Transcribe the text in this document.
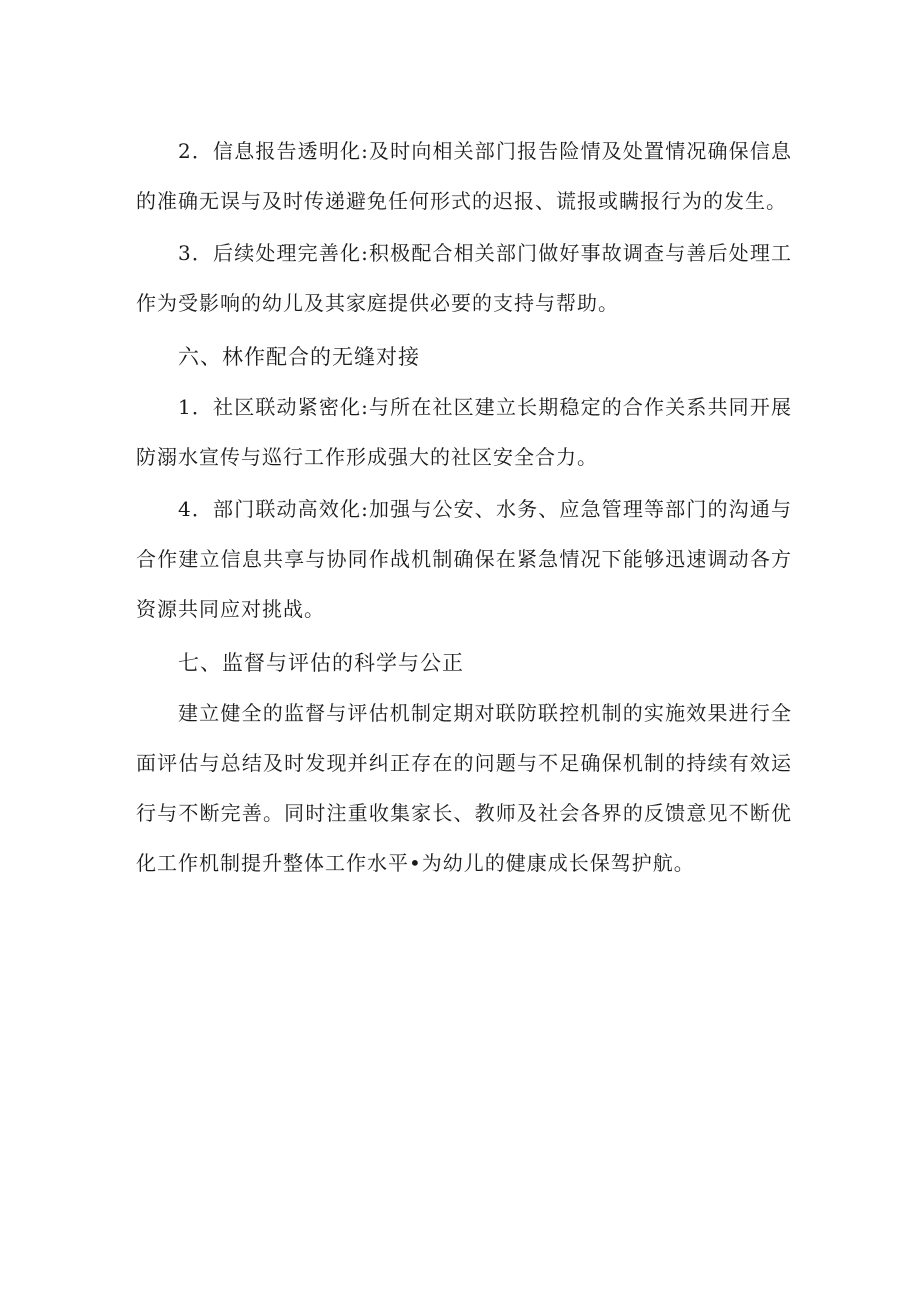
2．信息报告透明化:及时向相关部门报告险情及处置情况确保信息的准确无误与及时传递避免任何形式的迟报、谎报或瞒报行为的发生。

3．后续处理完善化:积极配合相关部门做好事故调查与善后处理工作为受影响的幼儿及其家庭提供必要的支持与帮助。

六、林作配合的无缝对接

1．社区联动紧密化:与所在社区建立长期稳定的合作关系共同开展防溺水宣传与巡行工作形成强大的社区安全合力。

4．部门联动高效化:加强与公安、水务、应急管理等部门的沟通与合作建立信息共享与协同作战机制确保在紧急情况下能够迅速调动各方资源共同应对挑战。

七、监督与评估的科学与公正

建立健全的监督与评估机制定期对联防联控机制的实施效果进行全面评估与总结及时发现并纠正存在的问题与不足确保机制的持续有效运行与不断完善。同时注重收集家长、教师及社会各界的反馈意见不断优化工作机制提升整体工作水平•为幼儿的健康成长保驾护航。
